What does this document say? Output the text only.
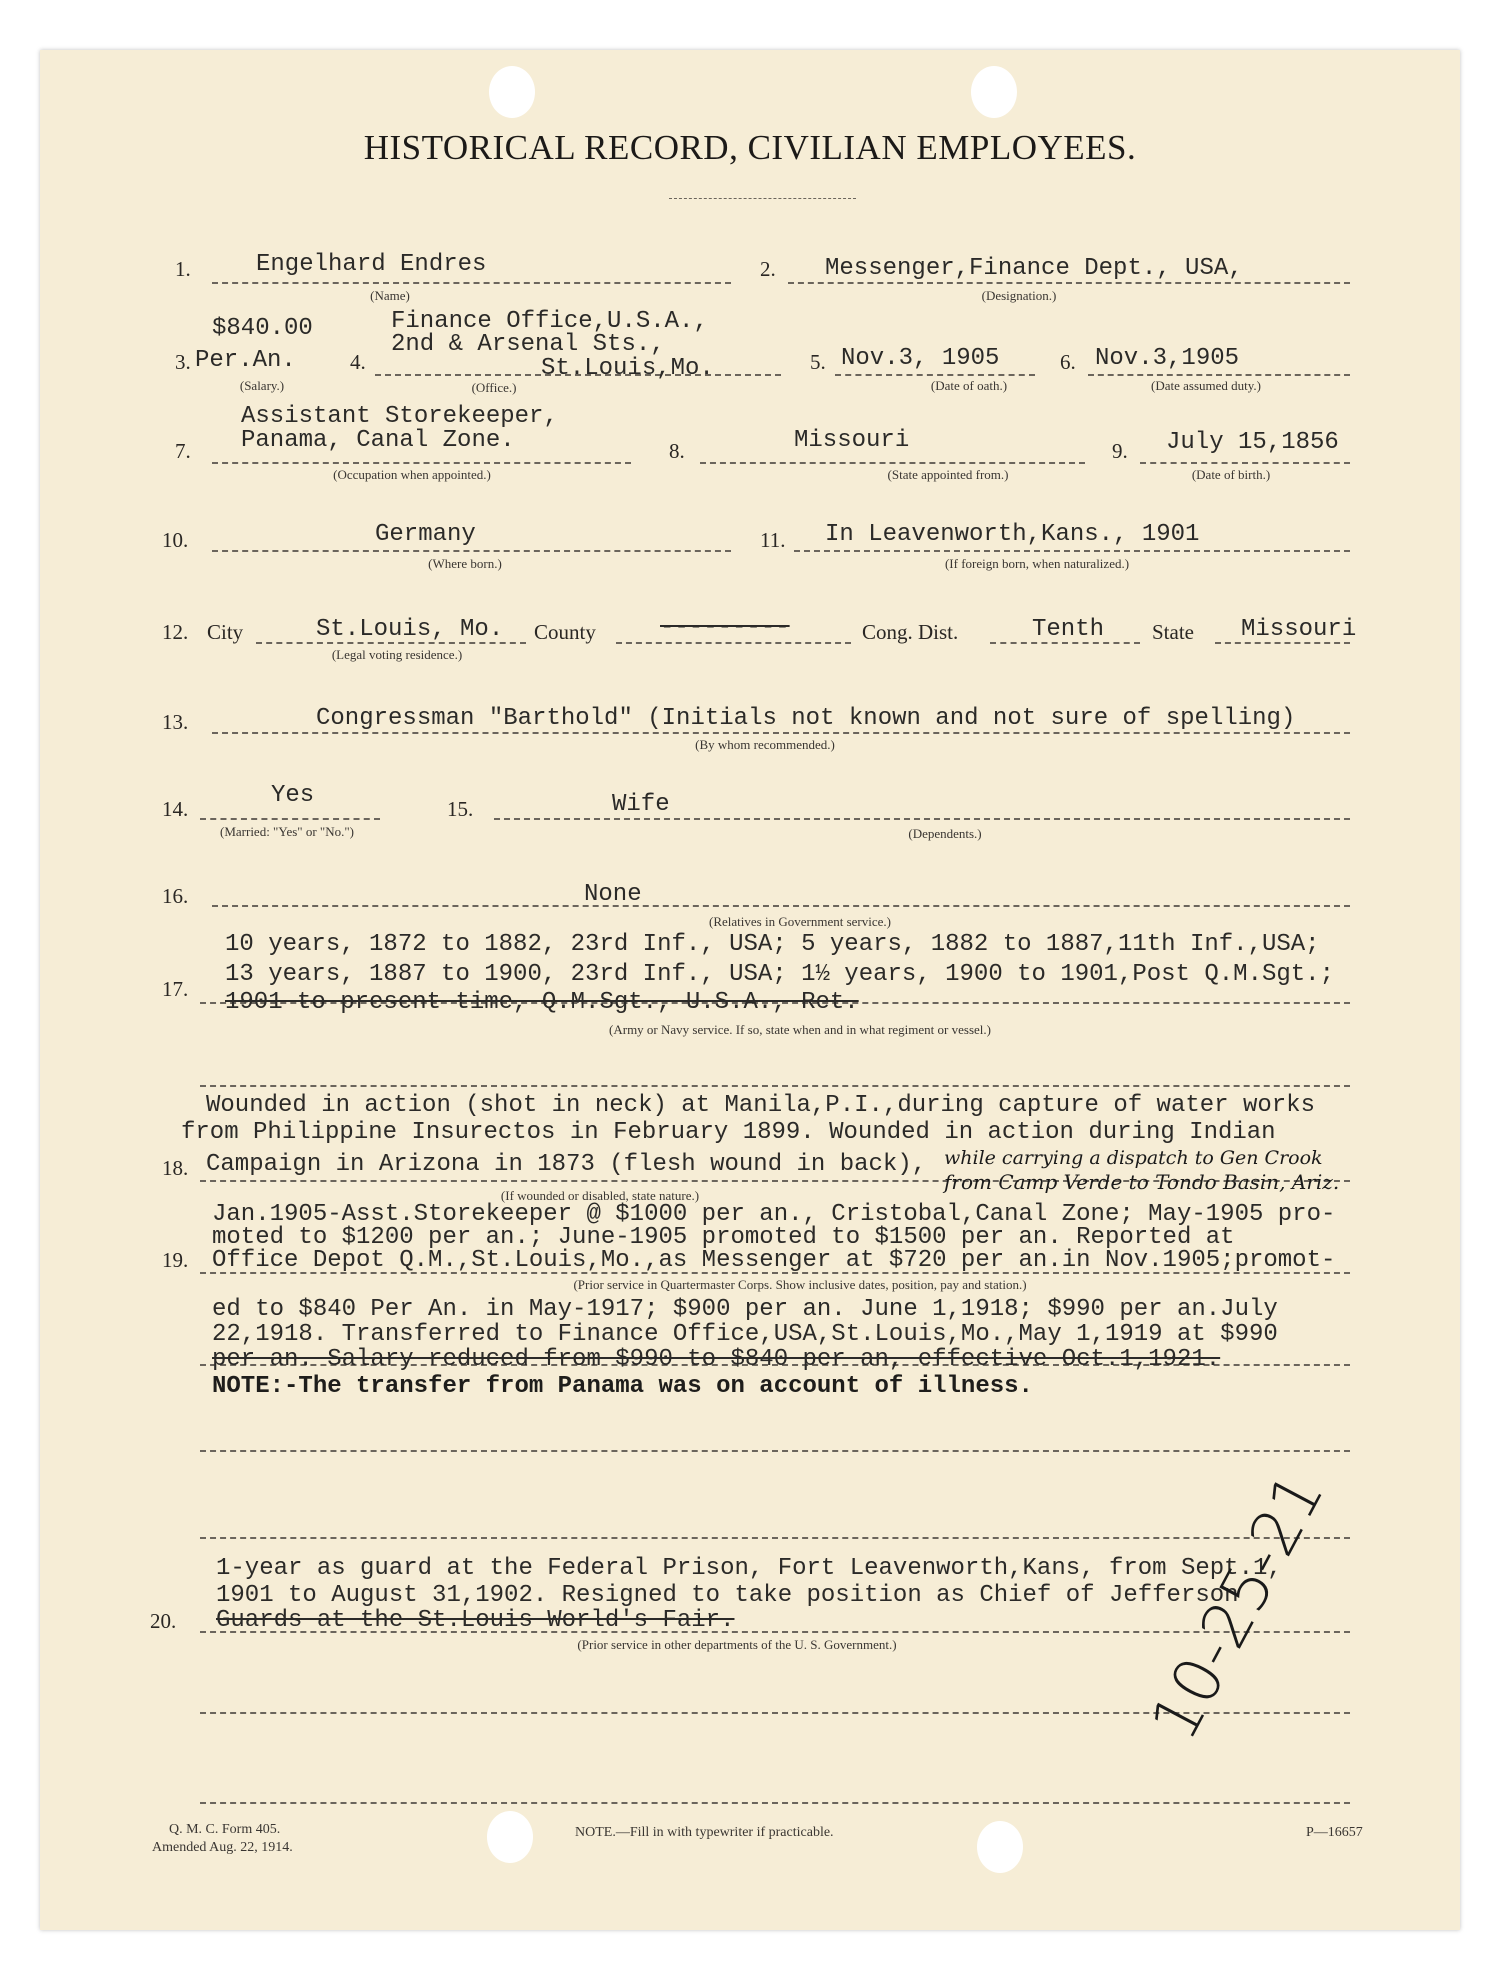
HISTORICAL RECORD, CIVILIAN EMPLOYEES.
1.	Engelhard Endres
(Name)
2. Messenger,Finance Dept., USA,
(Designation.)
$840.00
3. Per.An.
(Salary.)
4.
Finance Office,U.S.A.,
2nd & Arsenal Sts.,
St.Louis,Mo.
(Office.)
5. Nov.3, 1905
(Date of oath.)
6. Nov.3,1905
(Date assumed duty.)
Assistant Storekeeper,
Panama, Canal Zone.
7.
(Occupation when appointed.)
8.	Missouri
(State appointed from.)
9. July 15,1856
(Date of birth.)
10.	Germany
(Where born.)
11. In Leavenworth,Kans., 1901
(If foreign born, when naturalized.)
12. City	St.Louis, Mo.
(Legal voting residence.)
County	---------	Cong. Dist.	Tenth State Missouri
13.	Congressman "Barthold" (Initials not known and not sure of spelling)
(By whom recommended.)
14.	Yes
(Married: "Yes" or "No.")
15.	Wife
(Dependents.)
16.	None
(Relatives in Government service.)
10 years, 1872 to 1882, 23rd Inf., USA; 5 years, 1882 to 1887,11th Inf.,USA;
13 years, 1887 to 1900, 23rd Inf., USA; 1½ years, 1900 to 1901,Post Q.M.Sgt.;
17. 1901 to present time, Q.M.Sgt., U.S.A., Ret.
(Army or Navy service. If so, state when and in what regiment or vessel.)
Wounded in action (shot in neck) at Manila,P.I.,during capture of water works
from Philippine Insurectos in February 1899. Wounded in action during Indian
18. Campaign in Arizona in 1873 (flesh wound in back), while carrying a dispatch to Gen Crook
from Camp Verde to Tondo Basin, Ariz.
(If wounded or disabled, state nature.)
Jan.1905-Asst.Storekeeper @ $1000 per an., Cristobal,Canal Zone; May-1905 pro-
moted to $1200 per an.; June-1905 promoted to $1500 per an. Reported at
19. Office Depot Q.M.,St.Louis,Mo.,as Messenger at $720 per an.in Nov.1905;promot-
(Prior service in Quartermaster Corps. Show inclusive dates, position, pay and station.)
ed to $840 Per An. in May-1917; $900 per an. June 1,1918; $990 per an.July
22,1918. Transferred to Finance Office,USA,St.Louis,Mo.,May 1,1919 at $990
per an. Salary reduced from $990 to $840 per an, effective Oct.1,1921.
NOTE:-The transfer from Panama was on account of illness.
1-year as guard at the Federal Prison, Fort Leavenworth,Kans, from Sept.1,
1901 to August 31,1902. Resigned to take position as Chief of Jefferson
20. Guards at the St.Louis World's Fair.
(Prior service in other departments of the U. S. Government.)	10-25-21
Q. M. C. Form 405.
Amended Aug. 22, 1914.
NOTE.—Fill in with typewriter if practicable.	P—16657
